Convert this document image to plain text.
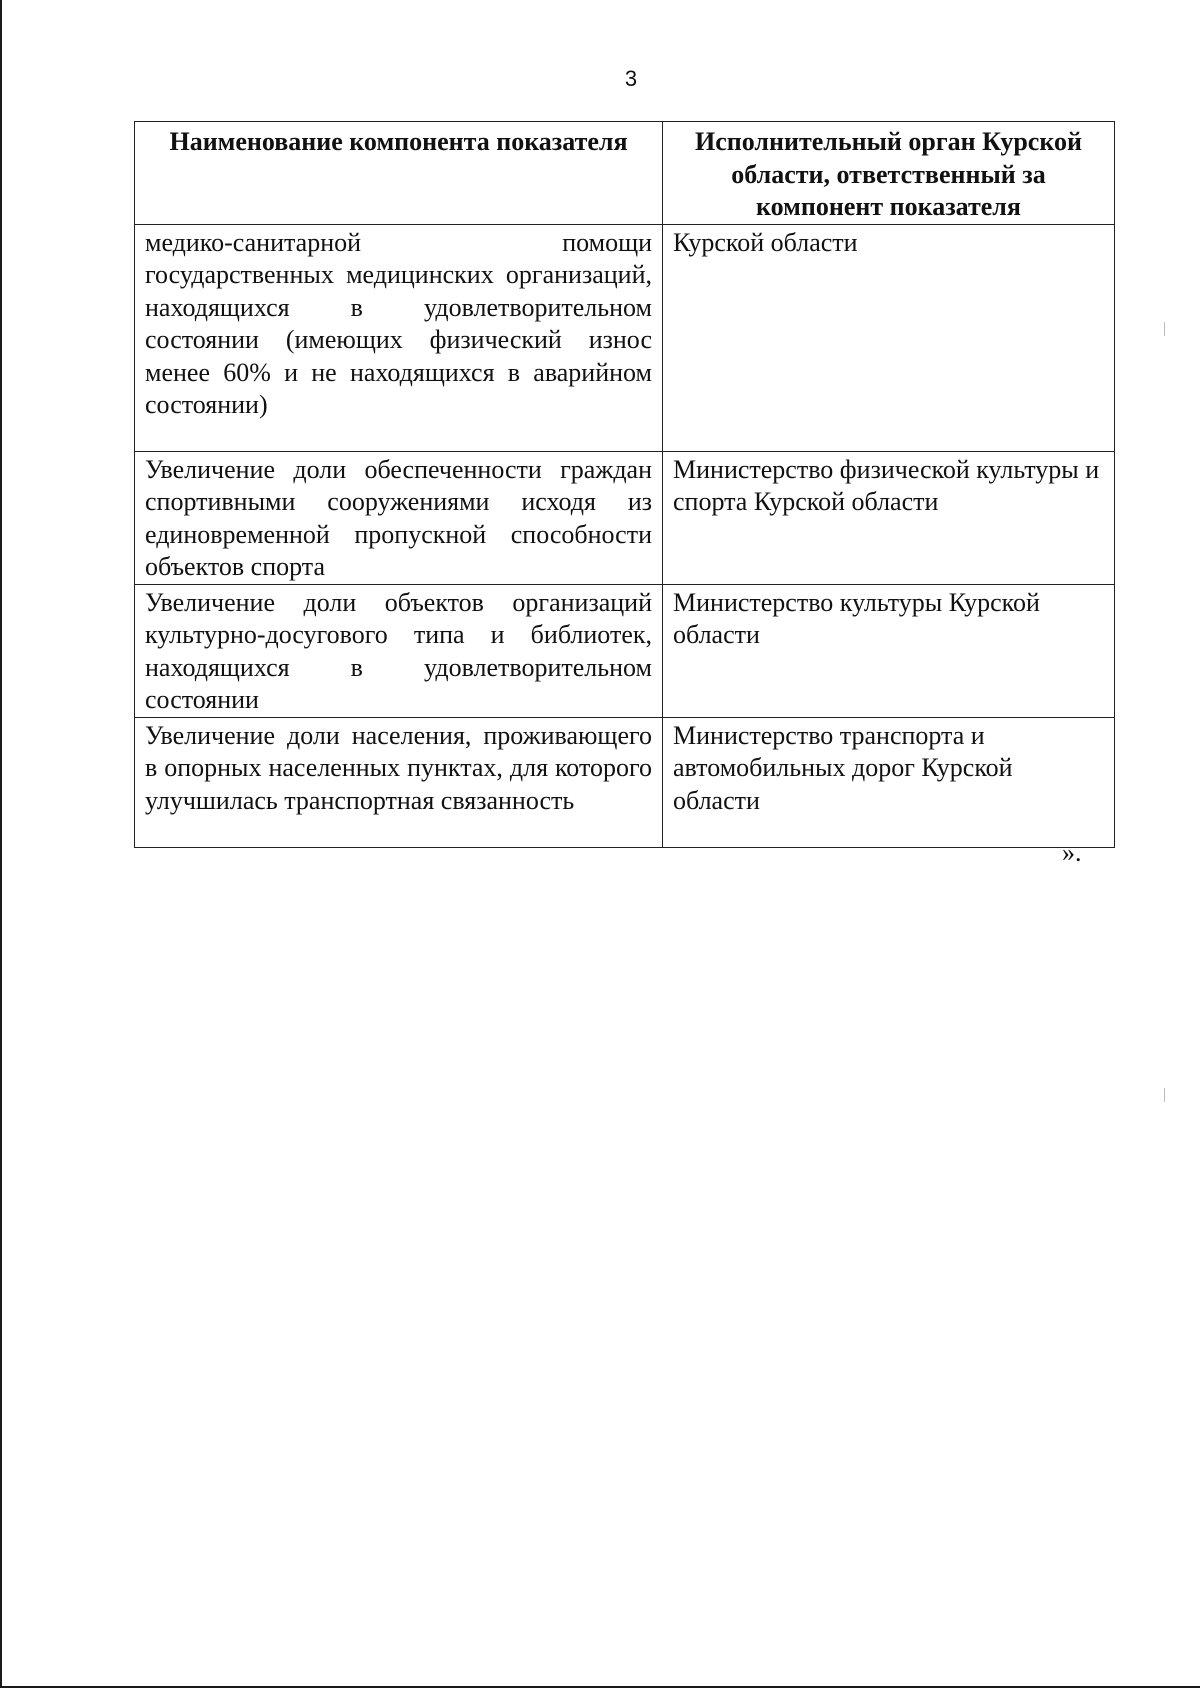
3
Наименование компонента показателя	Исполнительный орган Курской области, ответственный за компонент показателя
медико-санитарной помощи государственных медицинских организаций, находящихся в удовлетворительном состоянии (имеющих физический износ менее 60% и не находящихся в аварийном состоянии)	Курской области
Увеличение доли обеспеченности граждан спортивными сооружениями исходя из единовременной пропускной способности объектов спорта	Министерство физической культуры и спорта Курской области
Увеличение доли объектов организаций культурно-досугового типа и библиотек, находящихся в удовлетворительном состоянии	Министерство культуры Курской области
Увеличение доли населения, проживающего в опорных населенных пунктах, для которого улучшилась транспортная связанность	Министерство транспорта и автомобильных дорог Курской области
».
